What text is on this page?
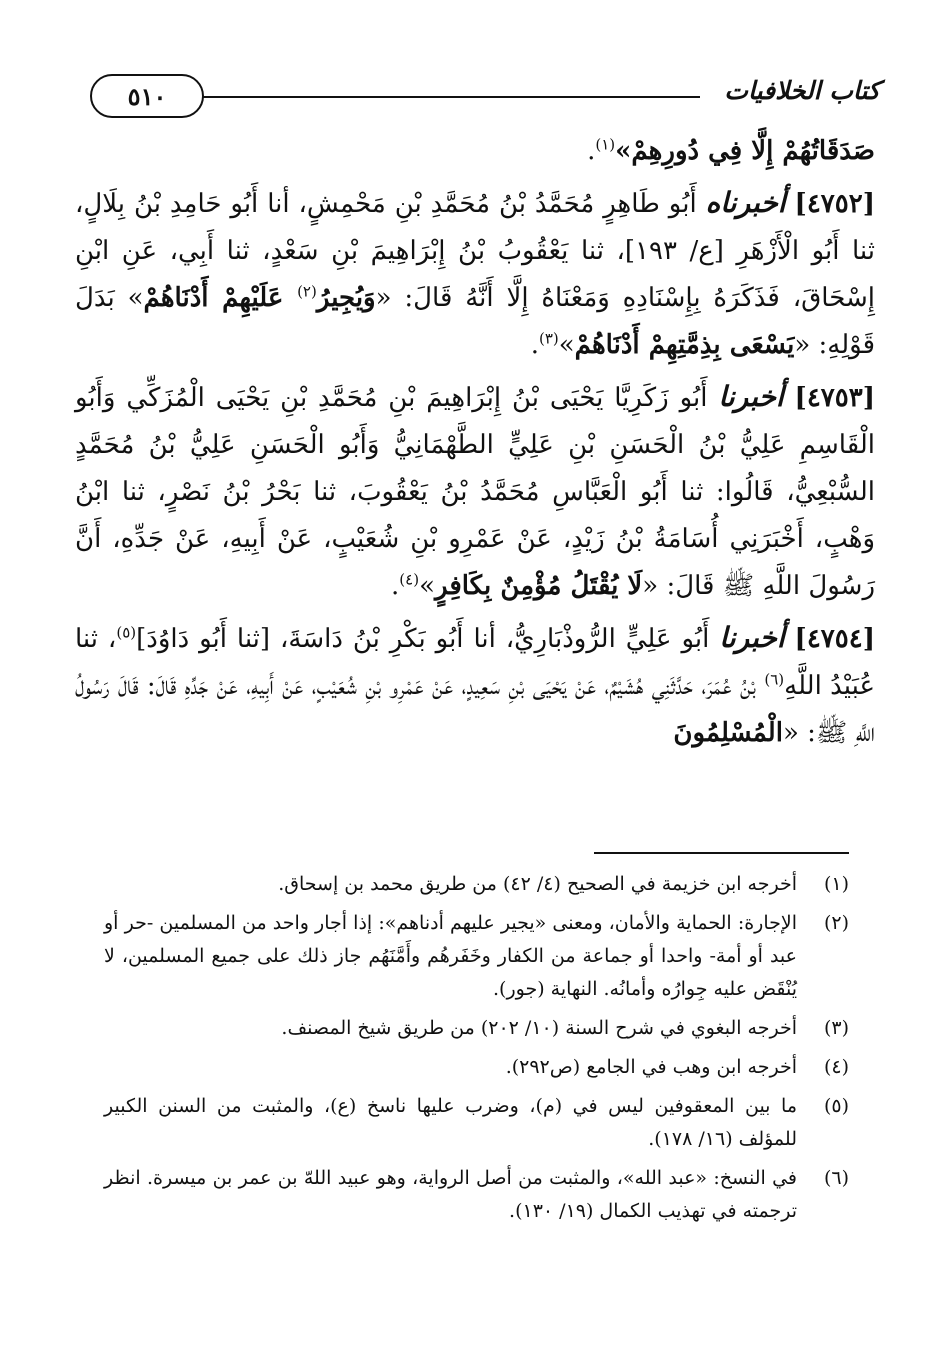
كتاب الخلافيات
٥١٠

صَدَقَاتُهُمْ إِلَّا فِي دُورِهِمْ»$^{(١)}$.

[٤٧٥٢] أخبرناه أَبُو طَاهِرٍ مُحَمَّدُ بْنُ مُحَمَّدِ بْنِ مَحْمِشٍ، أنا أَبُو حَامِدِ بْنُ بِلَالٍ، ثنا أَبُو الْأَزْهَرِ [ع/ ١٩٣]، ثنا يَعْقُوبُ بْنُ إِبْرَاهِيمَ بْنِ سَعْدٍ، ثنا أَبِي، عَنِ ابْنِ إِسْحَاقَ، فَذَكَرَهُ بِإِسْنَادِهِ وَمَعْنَاهُ إِلَّا أَنَّهُ قَالَ: «وَيُجِيرُ$^{(٢)}$ عَلَيْهِمْ أَدْنَاهُمْ» بَدَلَ قَوْلِهِ: «يَسْعَى بِذِمَّتِهِمْ أَدْنَاهُمْ»$^{(٣)}$.

[٤٧٥٣] أخبرنا أَبُو زَكَرِيَّا يَحْيَى بْنُ إِبْرَاهِيمَ بْنِ مُحَمَّدِ بْنِ يَحْيَى الْمُزَكِّي وَأَبُو الْقَاسِمِ عَلِيُّ بْنُ الْحَسَنِ بْنِ عَلِيٍّ الطَّهْمَانِيُّ وَأَبُو الْحَسَنِ عَلِيُّ بْنُ مُحَمَّدٍ السُّبْعِيُّ، قَالُوا: ثنا أَبُو الْعَبَّاسِ مُحَمَّدُ بْنُ يَعْقُوبَ، ثنا بَحْرُ بْنُ نَصْرٍ، ثنا ابْنُ وَهْبٍ، أَخْبَرَنِي أُسَامَةُ بْنُ زَيْدٍ، عَنْ عَمْرِو بْنِ شُعَيْبٍ، عَنْ أَبِيهِ، عَنْ جَدِّهِ، أَنَّ رَسُولَ اللَّهِ ﷺ قَالَ: «لَا يُقْتَلُ مُؤْمِنٌ بِكَافِرٍ»$^{(٤)}$.

[٤٧٥٤] أخبرنا أَبُو عَلِيٍّ الرُّوذْبَارِيُّ، أنا أَبُو بَكْرِ بْنُ دَاسَةَ، [ثنا أَبُو دَاوُدَ]$^{(٥)}$، ثنا عُبَيْدُ اللَّهِ$^{(٦)}$ بْنُ عُمَرَ، حَدَّثَنِي هُشَيْمٌ، عَنْ يَحْيَى بْنِ سَعِيدٍ، عَنْ عَمْرِو بْنِ شُعَيْبٍ، عَنْ أَبِيهِ، عَنْ جَدِّهِ قَالَ: قَالَ رَسُولُ اللَّهِ ﷺ: «الْمُسْلِمُونَ

(١)
أخرجه ابن خزيمة في الصحيح (٤/ ٤٢) من طريق محمد بن إسحاق.
(٢)
الإجارة: الحماية والأمان، ومعنى «يجير عليهم أدناهم»: إذا أجار واحد من المسلمين -حر أو عبد أو أمة- واحدا أو جماعة من الكفار وخَفَرهُم وأَمَّنَهُم جاز ذلك على جميع المسلمين، لا يُنْقَض عليه جِوارُه وأمانُه. النهاية (جور).
(٣)
أخرجه البغوي في شرح السنة (١٠/ ٢٠٢) من طريق شيخ المصنف.
(٤)
أخرجه ابن وهب في الجامع (ص٢٩٢).
(٥)
ما بين المعقوفين ليس في (م)، وضرب عليها ناسخ (ع)، والمثبت من السنن الكبير للمؤلف (١٦/ ١٧٨).
(٦)
في النسخ: «عبد الله»، والمثبت من أصل الرواية، وهو عبيد اللهّ بن عمر بن ميسرة. انظر ترجمته في تهذيب الكمال (١٩/ ١٣٠).
